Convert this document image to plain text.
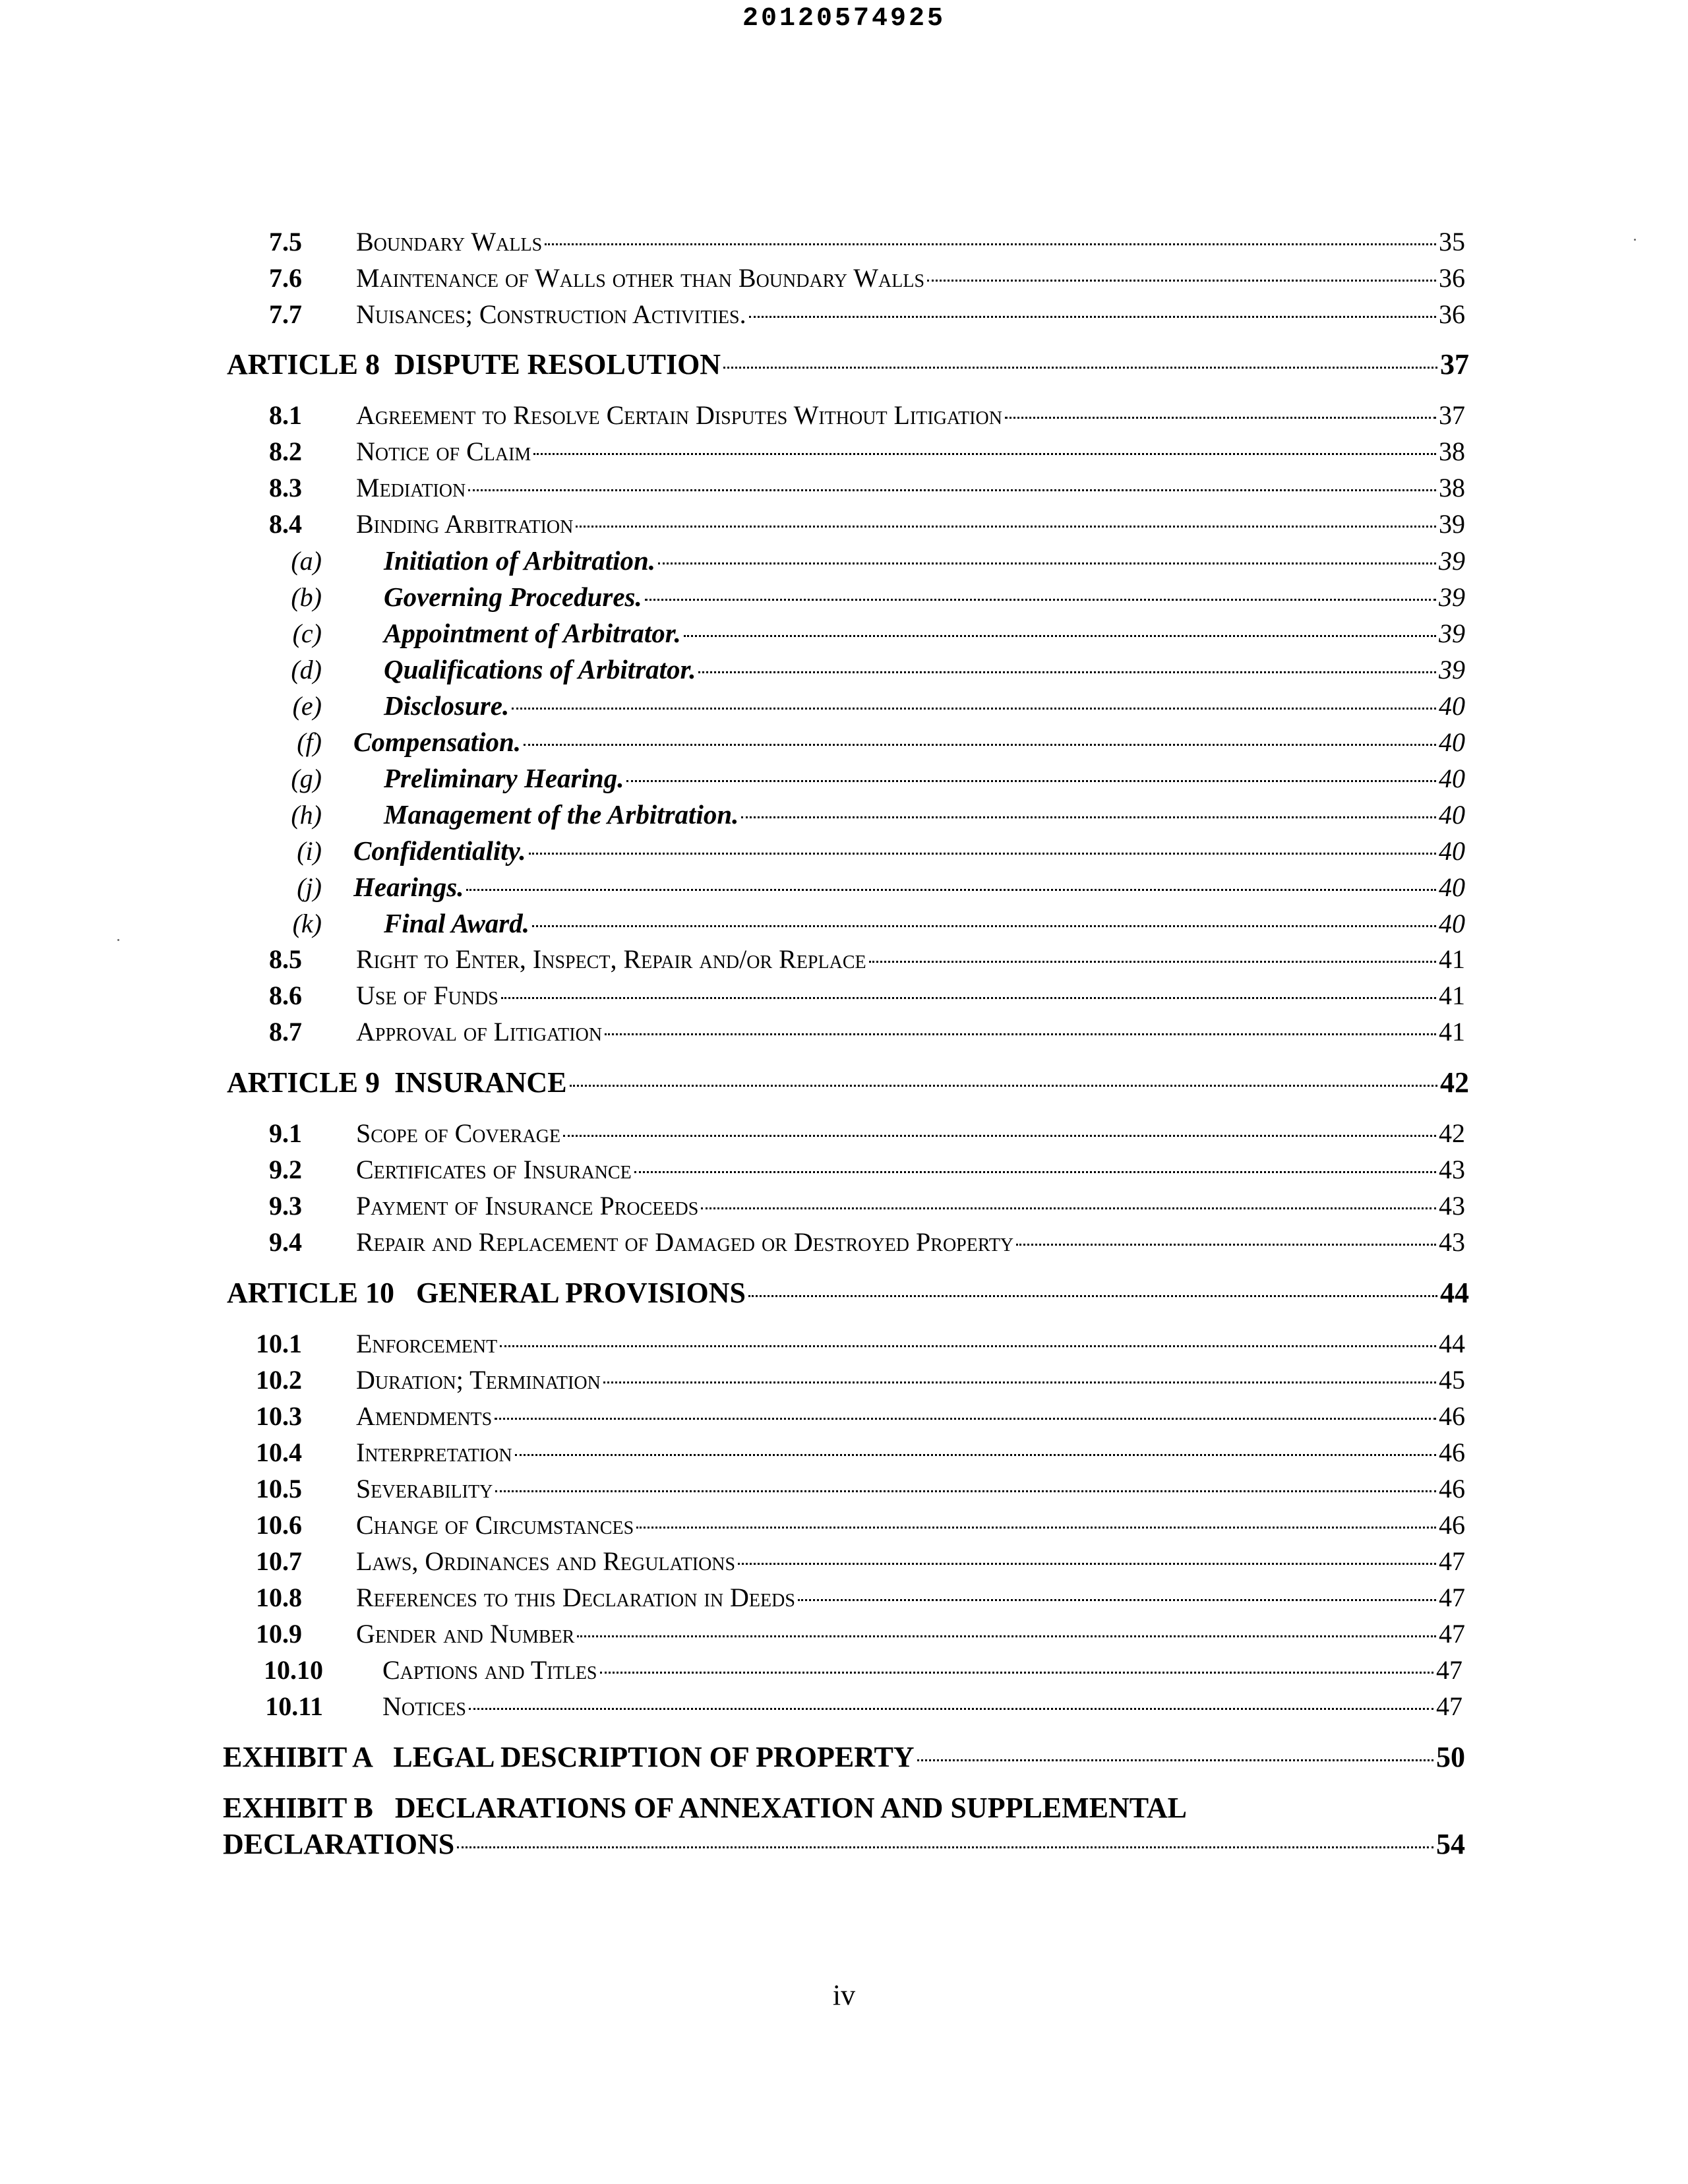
20120574925
7.5 Boundary Walls	35
7.6 Maintenance of Walls other than Boundary Walls	36
7.7 Nuisances; Construction Activities.	36
ARTICLE 8  DISPUTE RESOLUTION	37
8.1 Agreement to Resolve Certain Disputes Without Litigation	37
8.2 Notice of Claim	38
8.3 Mediation	38
8.4 Binding Arbitration	39
(a) Initiation of Arbitration.	39
(b) Governing Procedures.	39
(c) Appointment of Arbitrator.	39
(d) Qualifications of Arbitrator.	39
(e) Disclosure.	40
(f) Compensation.	40
(g) Preliminary Hearing.	40
(h) Management of the Arbitration.	40
(i) Confidentiality.	40
(j) Hearings.	40
(k) Final Award.	40
8.5 Right to Enter, Inspect, Repair and/or Replace	41
8.6 Use of Funds	41
8.7 Approval of Litigation	41
ARTICLE 9  INSURANCE	42
9.1 Scope of Coverage	42
9.2 Certificates of Insurance	43
9.3 Payment of Insurance Proceeds	43
9.4 Repair and Replacement of Damaged or Destroyed Property	43
ARTICLE 10   GENERAL PROVISIONS	44
10.1 Enforcement	44
10.2 Duration; Termination	45
10.3 Amendments	46
10.4 Interpretation	46
10.5 Severability	46
10.6 Change of Circumstances	46
10.7 Laws, Ordinances and Regulations	47
10.8 References to this Declaration in Deeds	47
10.9 Gender and Number	47
10.10 Captions and Titles	47
10.11 Notices	47
EXHIBIT A   LEGAL DESCRIPTION OF PROPERTY	50
EXHIBIT B   DECLARATIONS OF ANNEXATION AND SUPPLEMENTAL
DECLARATIONS	54
iv
